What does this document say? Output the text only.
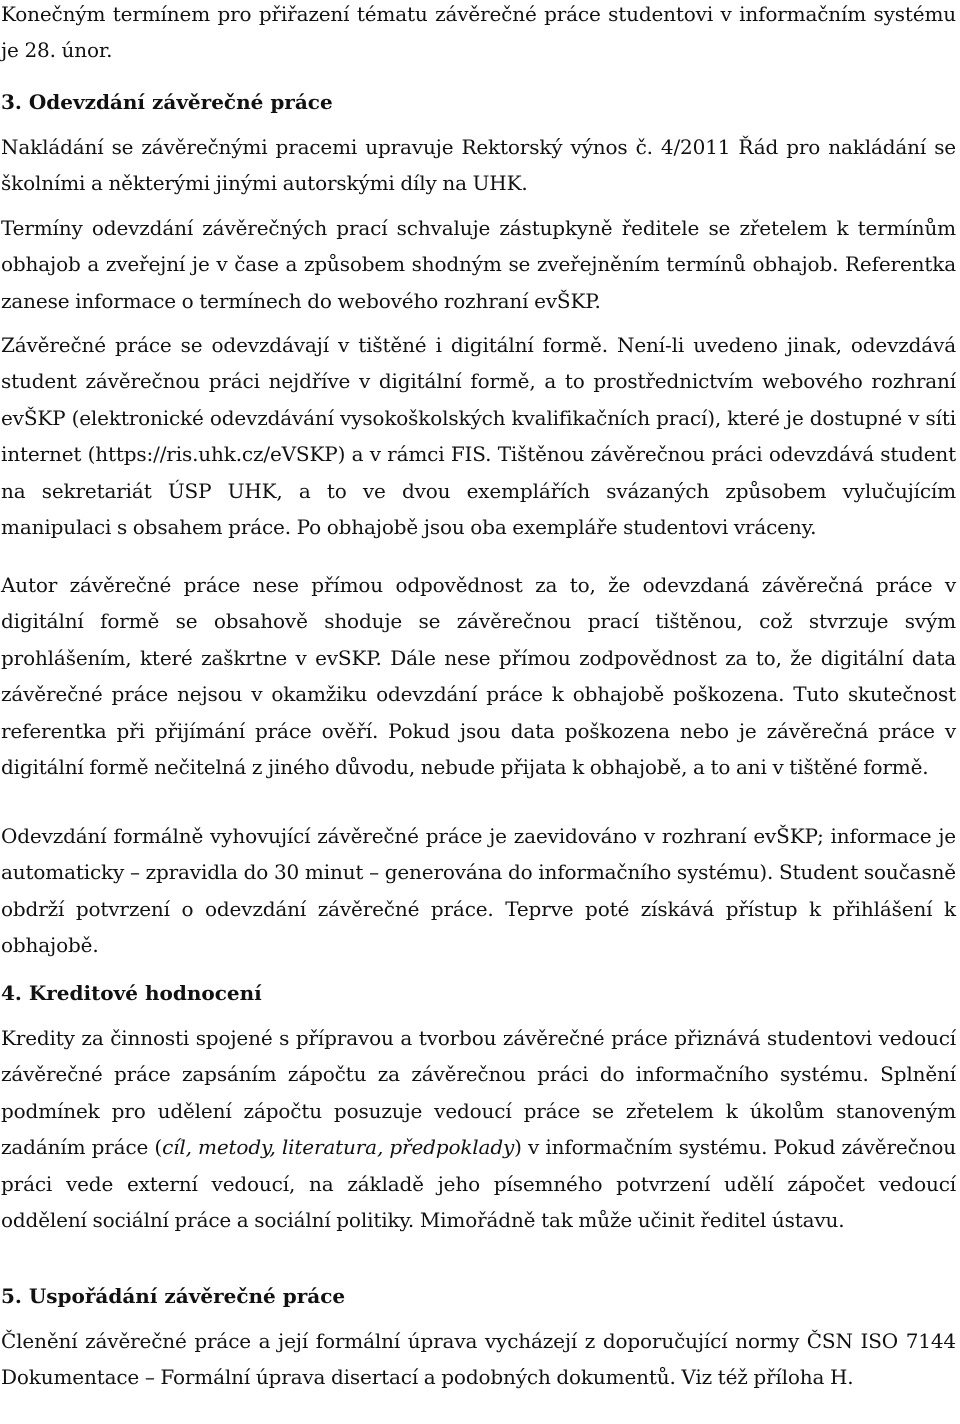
Konečným termínem pro přiřazení tématu závěrečné práce studentovi v informačním systému je 28. únor.

3. Odevzdání závěrečné práce

Nakládání se závěrečnými pracemi upravuje Rektorský výnos č. 4/2011 Řád pro nakládání se školními a některými jinými autorskými díly na UHK.

Termíny odevzdání závěrečných prací schvaluje zástupkyně ředitele se zřetelem k termínům obhajob a zveřejní je v čase a způsobem shodným se zveřejněním termínů obhajob. Referentka zanese informace o termínech do webového rozhraní evŠKP.

Závěrečné práce se odevzdávají v tištěné i digitální formě. Není-li uvedeno jinak, odevzdává student závěrečnou práci nejdříve v digitální formě, a to prostřednictvím webového rozhraní evŠKP (elektronické odevzdávání vysokoškolských kvalifikačních prací), které je dostupné v síti internet (https://ris.uhk.cz/eVSKP) a v rámci FIS. Tištěnou závěrečnou práci odevzdává student na sekretariát ÚSP UHK, a to ve dvou exemplářích svázaných způsobem vylučujícím manipulaci s obsahem práce. Po obhajobě jsou oba exempláře studentovi vráceny.

Autor závěrečné práce nese přímou odpovědnost za to, že odevzdaná závěrečná práce v digitální formě se obsahově shoduje se závěrečnou prací tištěnou, což stvrzuje svým prohlášením, které zaškrtne v evSKP. Dále nese přímou zodpovědnost za to, že digitální data závěrečné práce nejsou v okamžiku odevzdání práce k obhajobě poškozena. Tuto skutečnost referentka při přijímání práce ověří. Pokud jsou data poškozena nebo je závěrečná práce v digitální formě nečitelná z jiného důvodu, nebude přijata k obhajobě, a to ani v tištěné formě.

Odevzdání formálně vyhovující závěrečné práce je zaevidováno v rozhraní evŠKP; informace je automaticky – zpravidla do 30 minut – generována do informačního systému). Student současně obdrží potvrzení o odevzdání závěrečné práce. Teprve poté získává přístup k přihlášení k obhajobě.

4. Kreditové hodnocení

Kredity za činnosti spojené s přípravou a tvorbou závěrečné práce přiznává studentovi vedoucí závěrečné práce zapsáním zápočtu za závěrečnou práci do informačního systému. Splnění podmínek pro udělení zápočtu posuzuje vedoucí práce se zřetelem k úkolům stanoveným zadáním práce (cíl, metody, literatura, předpoklady) v informačním systému. Pokud závěrečnou práci vede externí vedoucí, na základě jeho písemného potvrzení udělí zápočet vedoucí oddělení sociální práce a sociální politiky. Mimořádně tak může učinit ředitel ústavu.

5. Uspořádání závěrečné práce

Členění závěrečné práce a její formální úprava vycházejí z doporučující normy ČSN ISO 7144 Dokumentace – Formální úprava disertací a podobných dokumentů. Viz též příloha H.
